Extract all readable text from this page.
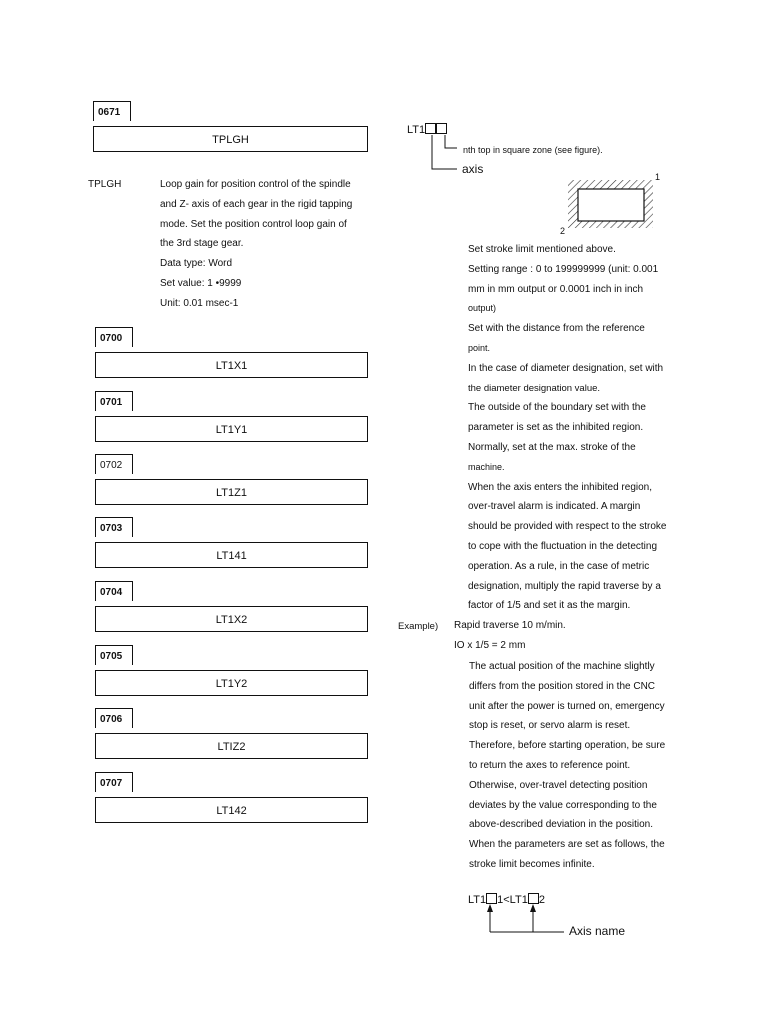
0671
TPLGH
TPLGH	Loop gain for position control of the spindle
and Z- axis of each gear in the rigid tapping
mode. Set the position control loop gain of
the 3rd stage gear.
Data type: Word
Set value: 1 •9999
Unit: 0.01 msec-1
0700
LT1X1
0701
LT1Y1
0702
LT1Z1
0703
LT141
0704
LT1X2
0705
LT1Y2
0706
LTIZ2
0707
LT142
LT1
nth top in square zone (see figure).
axis
1
2
Set stroke limit mentioned above.
Setting range : 0 to 199999999 (unit: 0.001
mm in mm output or 0.0001 inch in inch
output)
Set with the distance from the reference
point.
In the case of diameter designation, set with
the diameter designation value.
The outside of the boundary set with the
parameter is set as the inhibited region.
Normally, set at the max. stroke of the
machine.
When the axis enters the inhibited region,
over-travel alarm is indicated. A margin
should be provided with respect to the stroke
to cope with the fluctuation in the detecting
operation. As a rule, in the case of metric
designation, multiply the rapid traverse by a
factor of 1/5 and set it as the margin.
Example) Rapid traverse 10 m/min.
IO x 1/5 = 2 mm
The actual position of the machine slightly
differs from the position stored in the CNC
unit after the power is turned on, emergency
stop is reset, or servo alarm is reset.
Therefore, before starting operation, be sure
to return the axes to reference point.
Otherwise, over-travel detecting position
deviates by the value corresponding to the
above-described deviation in the position.
When the parameters are set as follows, the
stroke limit becomes infinite.
LT1 1<LT1 2
Axis name
